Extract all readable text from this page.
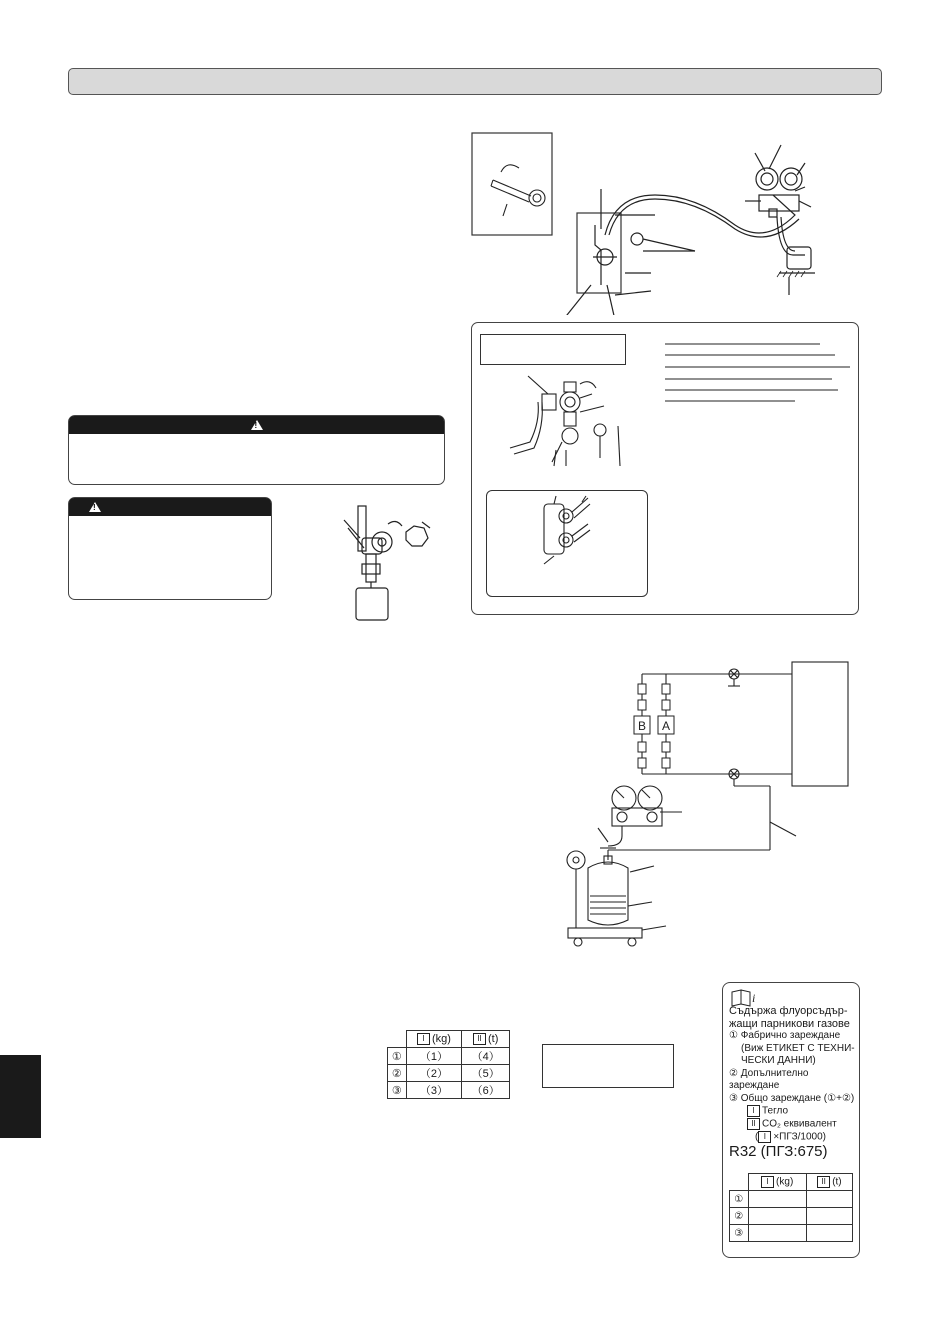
!
!
B A
	I (kg)	II (t)
①	（1）	（4）
②	（2）	（5）
③	（3）	（6）
i
Съдържа флуорсъдър-
жащи парникови газове
① Фабрично зареждане
(Виж ЕТИКЕТ С ТЕХНИ-
ЧЕСКИ ДАННИ)
② Допълнително зареждане
③ Общо зареждане (①+②)
I Тегло
II CO₂ еквивалент
( I ×ПГЗ/1000)
R32 (ПГЗ:675)
	I (kg)	II (t)
①		
②		
③		
